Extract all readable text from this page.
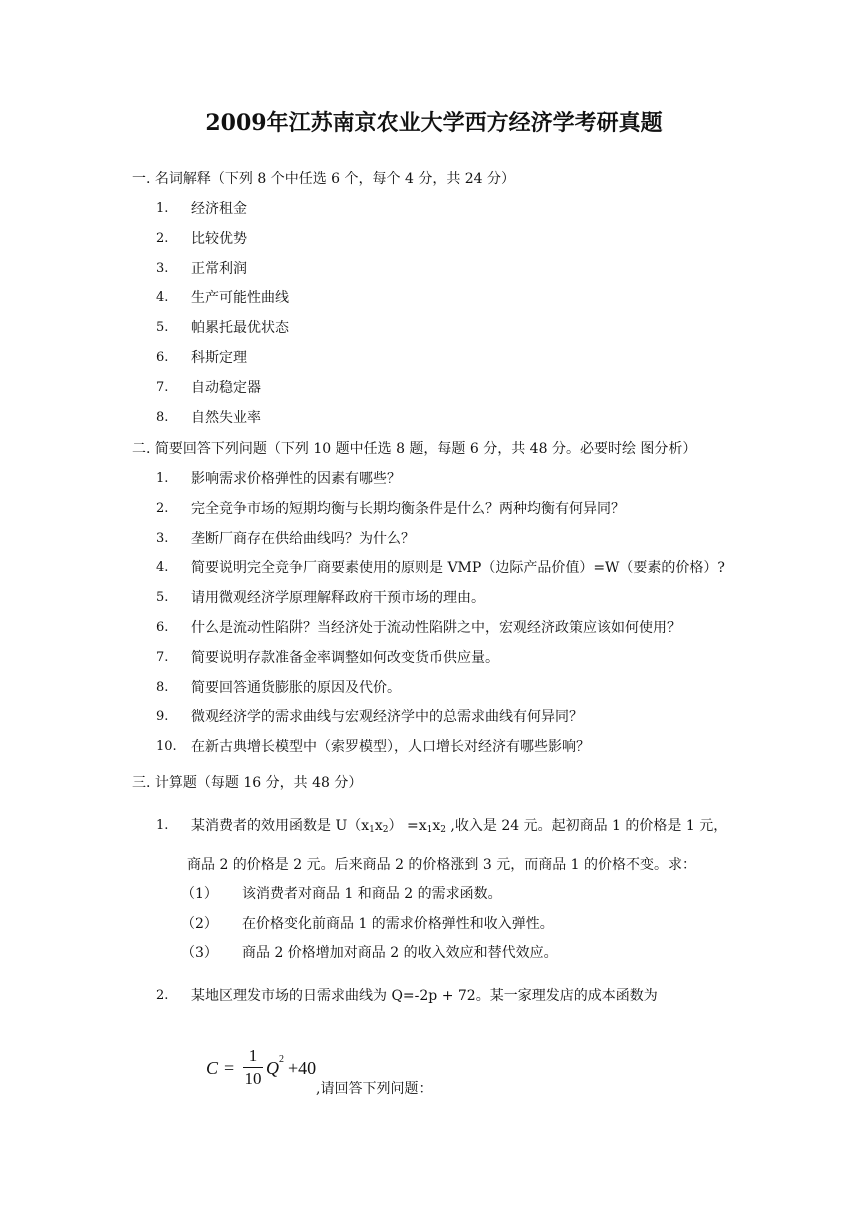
2009年江苏南京农业大学西方经济学考研真题
一. 名词解释（下列 8 个中任选 6 个，每个 4 分，共 24 分）
1. 经济租金
2. 比较优势
3. 正常利润
4. 生产可能性曲线
5. 帕累托最优状态
6. 科斯定理
7. 自动稳定器
8. 自然失业率
二. 简要回答下列问题（下列 10 题中任选 8 题，每题 6 分，共 48 分。必要时绘 图分析）
1. 影响需求价格弹性的因素有哪些？
2. 完全竞争市场的短期均衡与长期均衡条件是什么？两种均衡有何异同？
3. 垄断厂商存在供给曲线吗？为什么？
4. 简要说明完全竞争厂商要素使用的原则是 VMP（边际产品价值）=W（要素的价格）?
5. 请用微观经济学原理解释政府干预市场的理由。
6. 什么是流动性陷阱？当经济处于流动性陷阱之中，宏观经济政策应该如何使用？
7. 简要说明存款准备金率调整如何改变货币供应量。
8. 简要回答通货膨胀的原因及代价。
9. 微观经济学的需求曲线与宏观经济学中的总需求曲线有何异同？
10. 在新古典增长模型中（索罗模型），人口增长对经济有哪些影响？
三. 计算题（每题 16 分，共 48 分）
1. 某消费者的效用函数是 $U(x_1x_2) =x_1x_2$ ,收入是 24 元。起初商品 1 的价格是 1 元，
商品 2 的价格是 2 元。后来商品 2 的价格涨到 3 元，而商品 1 的价格不变。求：
（1） 该消费者对商品 1 和商品 2 的需求函数。
（2） 在价格变化前商品 1 的需求价格弹性和收入弹性。
（3） 商品 2 价格增加对商品 2 的收入效应和替代效应。
2. 某地区理发市场的日需求曲线为 Q=-2p + 72。某一家理发店的成本函数为
C =
1
10
Q 2 +40
,请回答下列问题：
